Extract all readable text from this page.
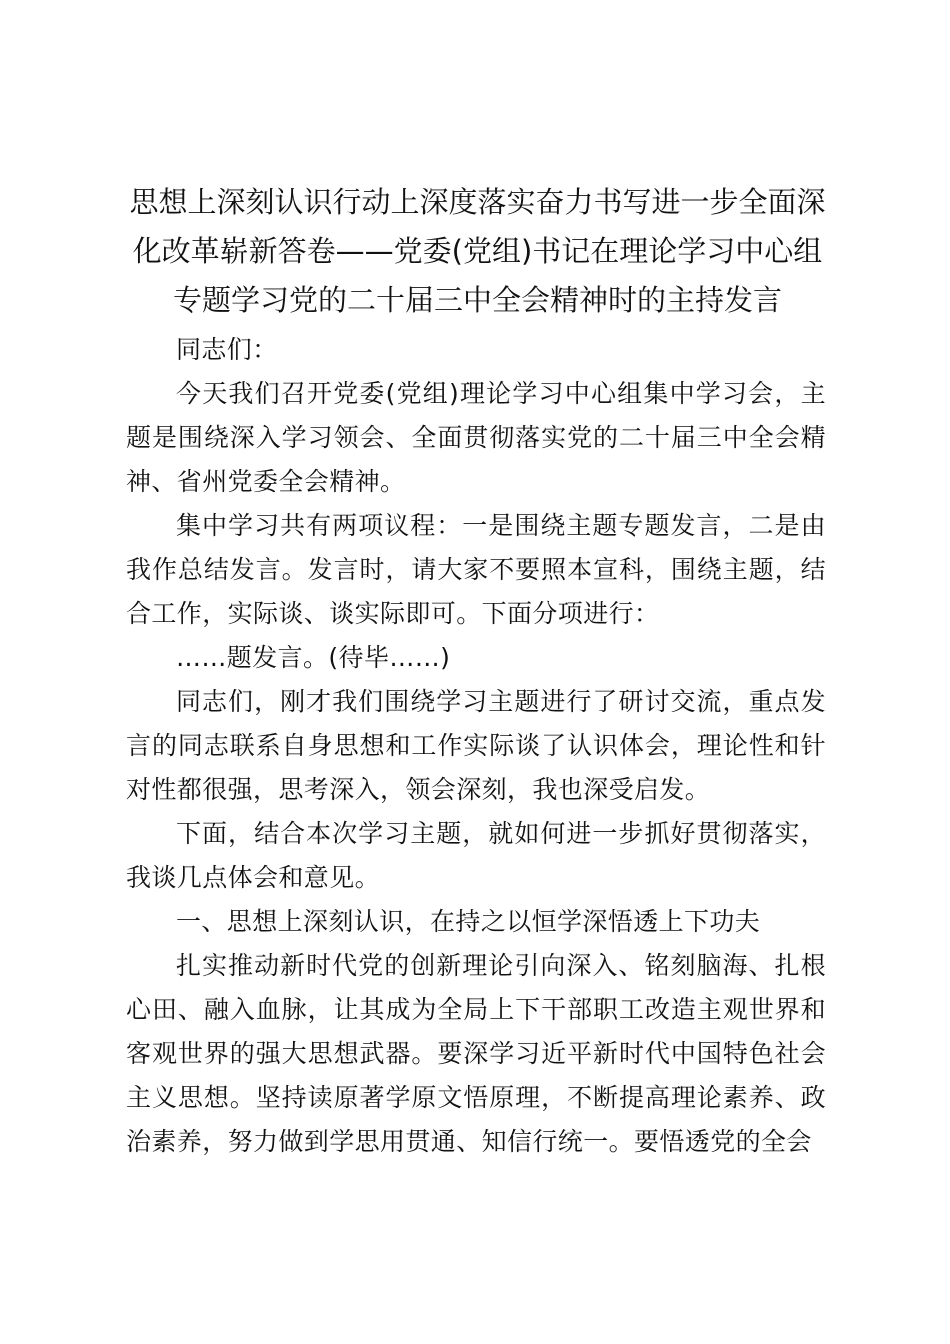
思想上深刻认识行动上深度落实奋力书写进一步全面深
化改革崭新答卷——党委(党组)书记在理论学习中心组
专题学习党的二十届三中全会精神时的主持发言

同志们：

今天我们召开党委(党组)理论学习中心组集中学习会，主题是围绕深入学习领会、全面贯彻落实党的二十届三中全会精神、省州党委全会精神。

集中学习共有两项议程：一是围绕主题专题发言，二是由我作总结发言。发言时，请大家不要照本宣科，围绕主题，结合工作，实际谈、谈实际即可。下面分项进行：

……题发言。(待毕……)

同志们，刚才我们围绕学习主题进行了研讨交流，重点发言的同志联系自身思想和工作实际谈了认识体会，理论性和针对性都很强，思考深入，领会深刻，我也深受启发。

下面，结合本次学习主题，就如何进一步抓好贯彻落实，我谈几点体会和意见。

一、思想上深刻认识，在持之以恒学深悟透上下功夫

扎实推动新时代党的创新理论引向深入、铭刻脑海、扎根心田、融入血脉，让其成为全局上下干部职工改造主观世界和客观世界的强大思想武器。要深学习近平新时代中国特色社会主义思想。坚持读原著学原文悟原理，不断提高理论素养、政治素养，努力做到学思用贯通、知信行统一。要悟透党的全会
